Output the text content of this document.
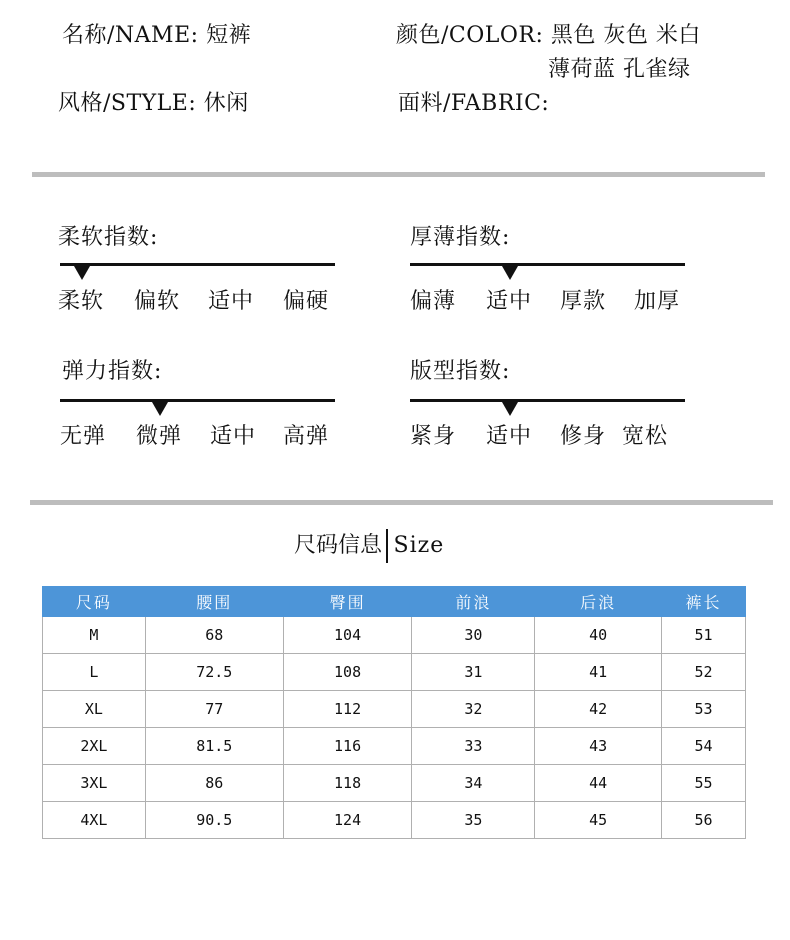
名称/NAME: 短裤
风格/STYLE: 休闲
颜色/COLOR: 黑色 灰色 米白
薄荷蓝 孔雀绿
面料/FABRIC:
柔软指数:
柔软 偏软 适中 偏硬
厚薄指数:
偏薄 适中 厚款 加厚
弹力指数:
无弹 微弹 适中 高弹
版型指数:
紧身 适中 修身 宽松
尺码信息 Size
尺码	腰围	臀围	前浪	后浪	裤长
M	68	104	30	40	51
L	72.5	108	31	41	52
XL	77	112	32	42	53
2XL	81.5	116	33	43	54
3XL	86	118	34	44	55
4XL	90.5	124	35	45	56
